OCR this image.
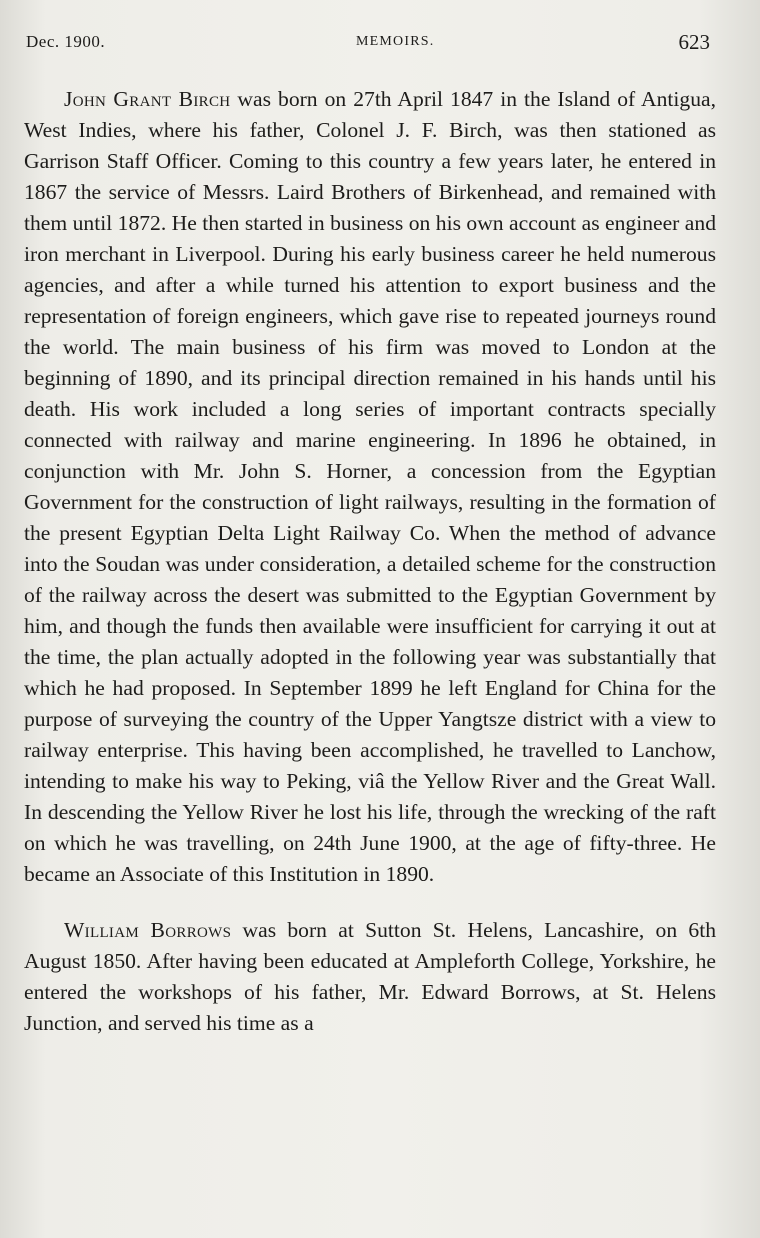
Dec. 1900.	MEMOIRS.	623

John Grant Birch was born on 27th April 1847 in the Island of Antigua, West Indies, where his father, Colonel J. F. Birch, was then stationed as Garrison Staff Officer. Coming to this country a few years later, he entered in 1867 the service of Messrs. Laird Brothers of Birkenhead, and remained with them until 1872. He then started in business on his own account as engineer and iron merchant in Liverpool. During his early business career he held numerous agencies, and after a while turned his attention to export business and the representation of foreign engineers, which gave rise to repeated journeys round the world. The main business of his firm was moved to London at the beginning of 1890, and its principal direction remained in his hands until his death. His work included a long series of important contracts specially connected with railway and marine engineering. In 1896 he obtained, in conjunction with Mr. John S. Horner, a concession from the Egyptian Government for the construction of light railways, resulting in the formation of the present Egyptian Delta Light Railway Co. When the method of advance into the Soudan was under consideration, a detailed scheme for the construction of the railway across the desert was submitted to the Egyptian Government by him, and though the funds then available were insufficient for carrying it out at the time, the plan actually adopted in the following year was substantially that which he had proposed. In September 1899 he left England for China for the purpose of surveying the country of the Upper Yangtsze district with a view to railway enterprise. This having been accomplished, he travelled to Lanchow, intending to make his way to Peking, viâ the Yellow River and the Great Wall. In descending the Yellow River he lost his life, through the wrecking of the raft on which he was travelling, on 24th June 1900, at the age of fifty-three. He became an Associate of this Institution in 1890.

William Borrows was born at Sutton St. Helens, Lancashire, on 6th August 1850. After having been educated at Ampleforth College, Yorkshire, he entered the workshops of his father, Mr. Edward Borrows, at St. Helens Junction, and served his time as a
